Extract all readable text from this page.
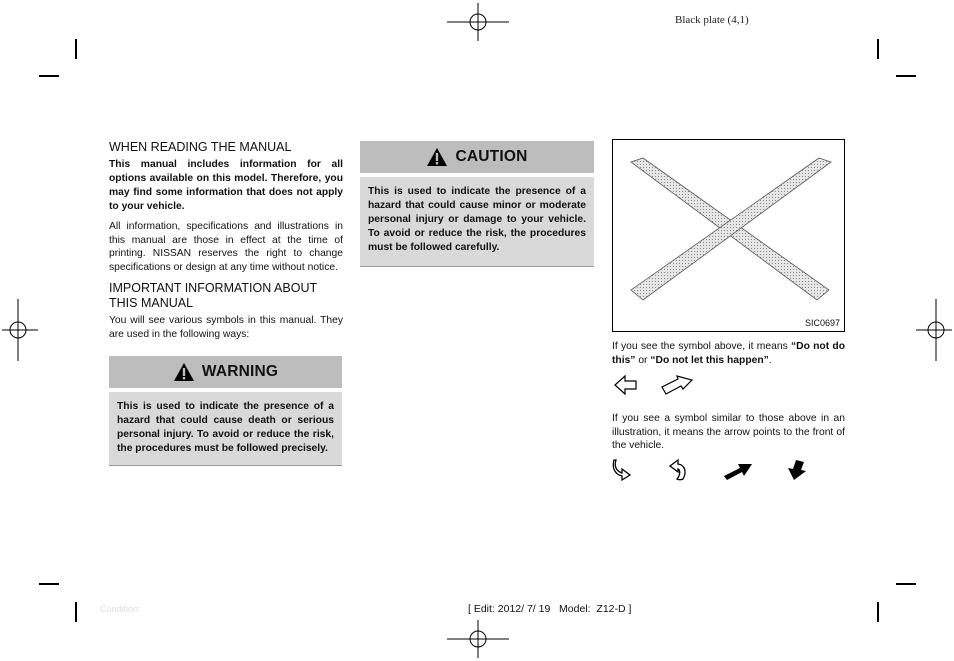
Black plate (4,1)
WHEN READING THE MANUAL

This manual includes information for all options available on this model. Therefore, you may find some information that does not apply to your vehicle.

All information, specifications and illustrations in this manual are those in effect at the time of printing. NISSAN reserves the right to change specifications or design at any time without notice.

IMPORTANT INFORMATION ABOUT THIS MANUAL

You will see various symbols in this manual. They are used in the following ways:

WARNING
This is used to indicate the presence of a hazard that could cause death or serious personal injury. To avoid or reduce the risk, the procedures must be followed precisely.
CAUTION
This is used to indicate the presence of a hazard that could cause minor or moderate personal injury or damage to your vehicle. To avoid or reduce the risk, the procedures must be followed carefully.
SIC0697
If you see the symbol above, it means “Do not do this” or “Do not let this happen”.
If you see a symbol similar to those above in an illustration, it means the arrow points to the front of the vehicle.
Condition:	[ Edit: 2012/ 7/ 19   Model:  Z12-D ]
